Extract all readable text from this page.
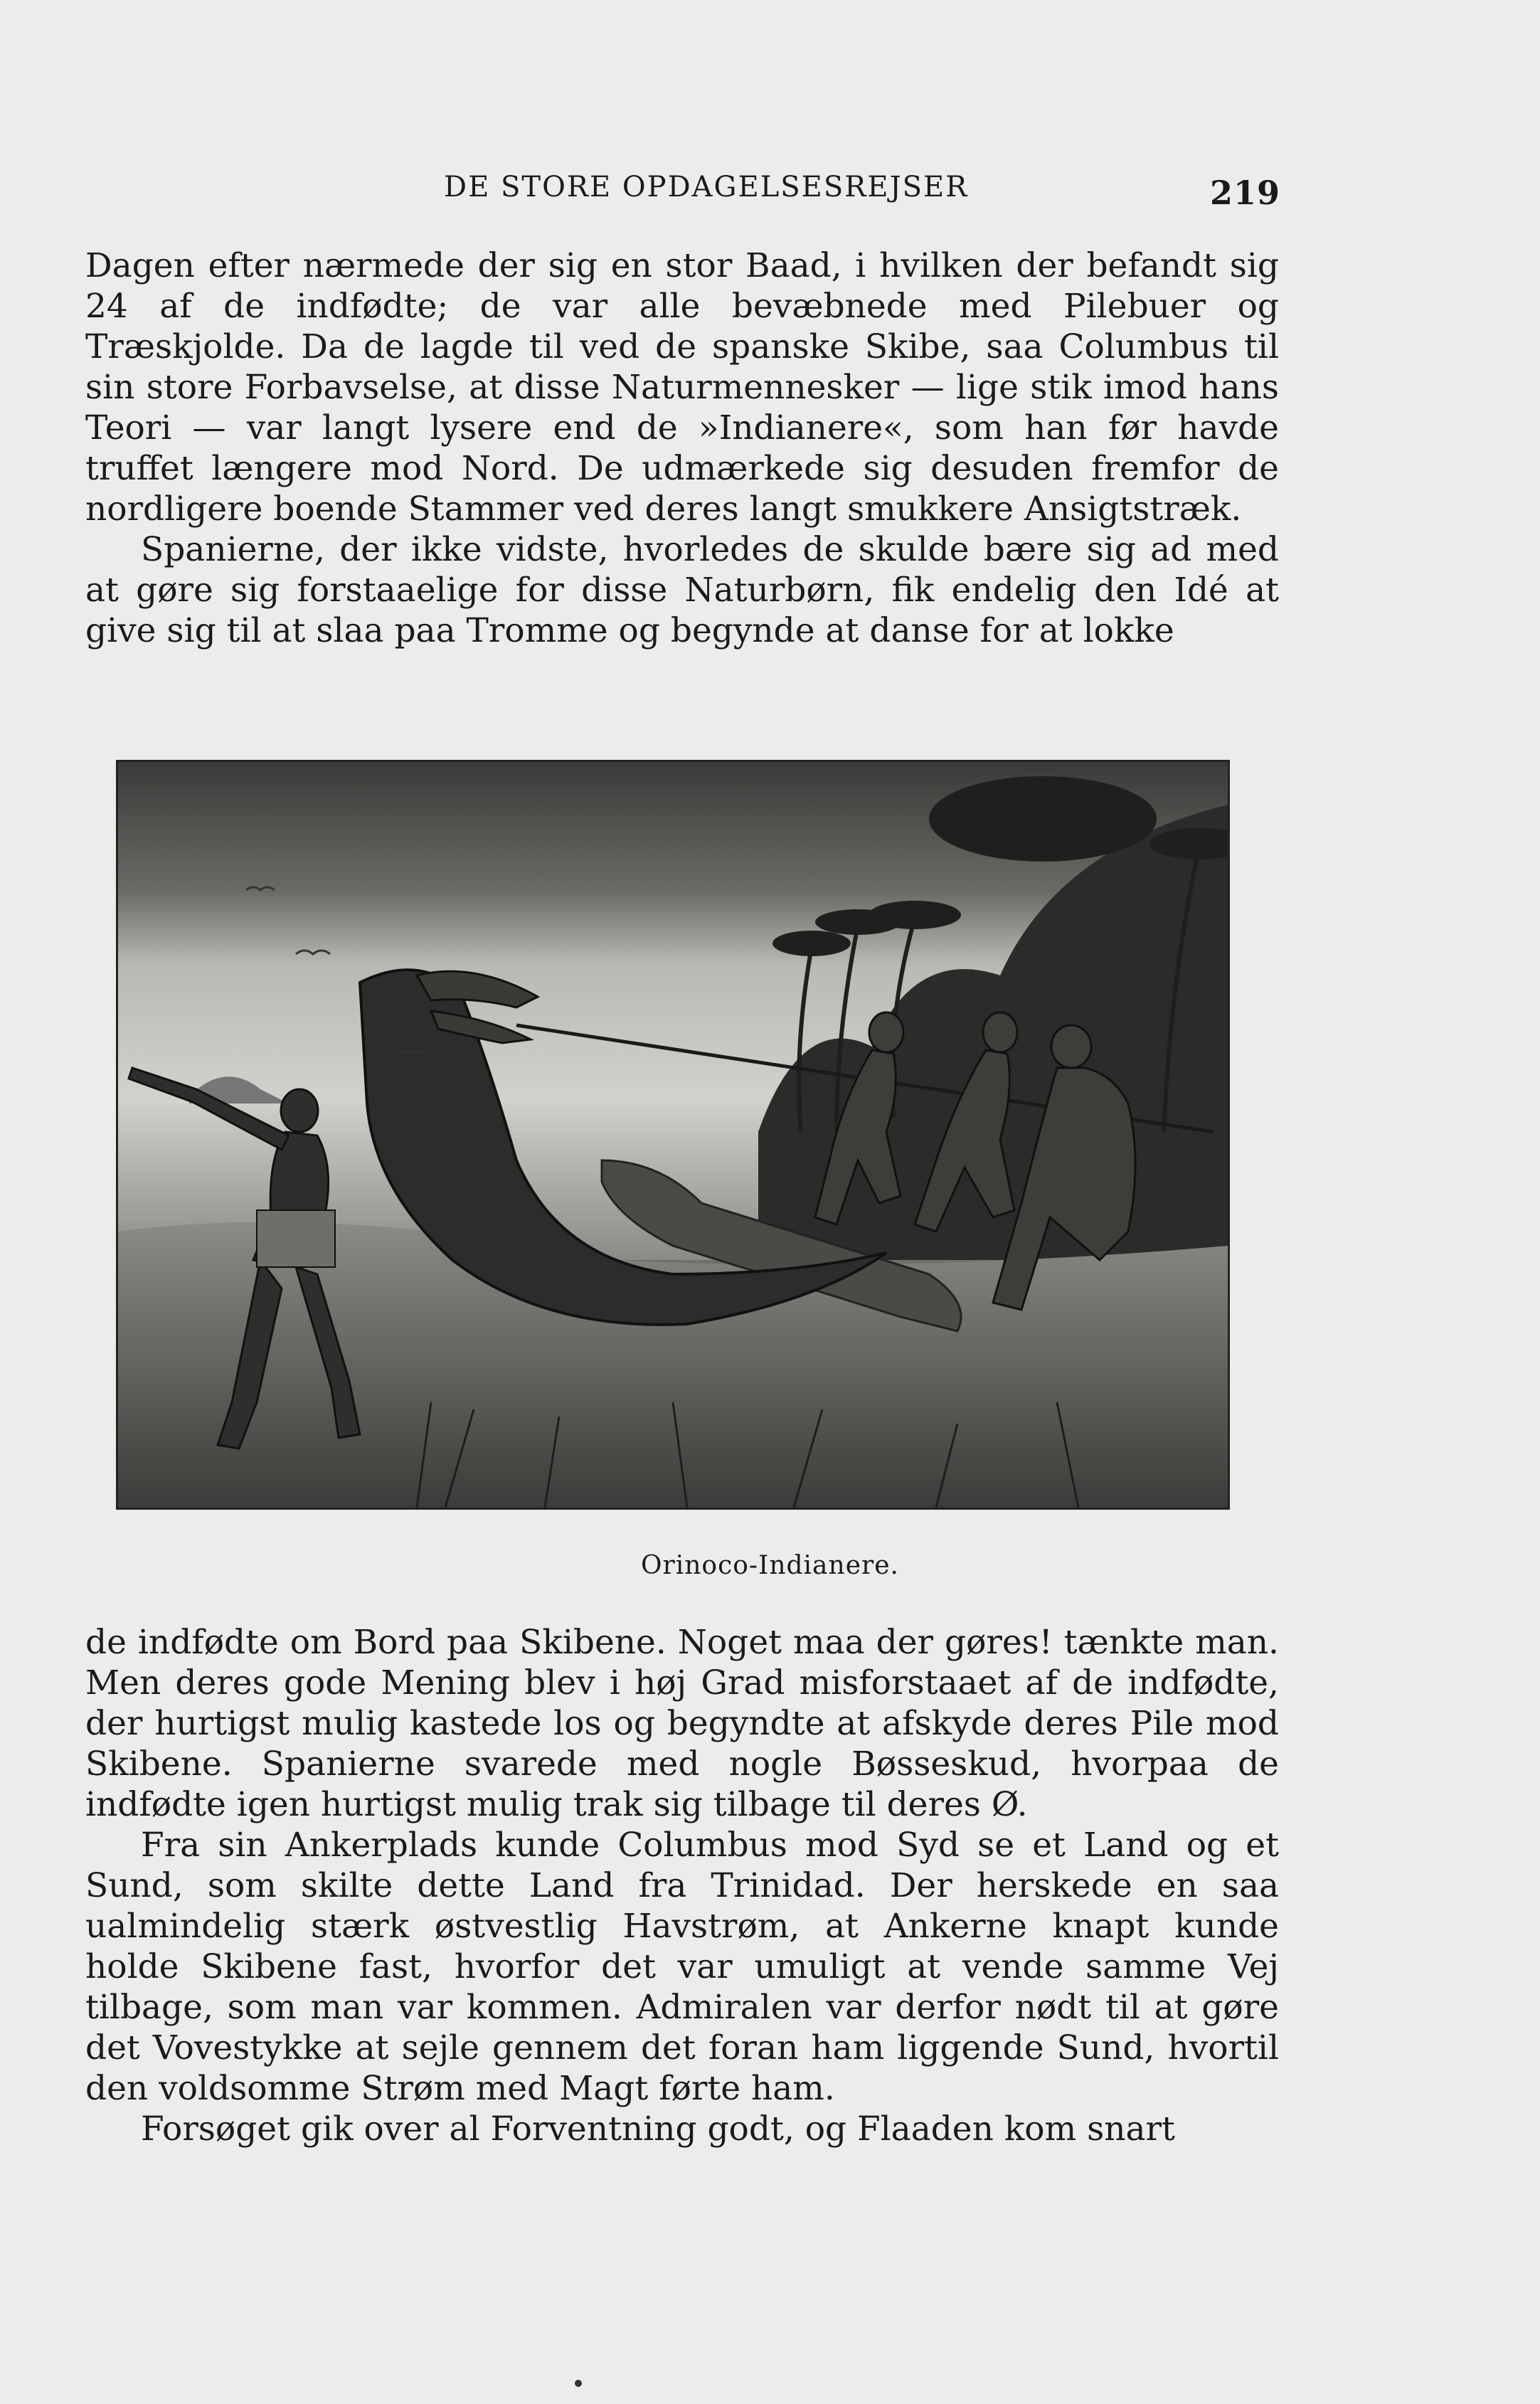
DE STORE OPDAGELSESREJSER	219

Dagen efter nærmede der sig en stor Baad, i hvilken der befandt sig 24 af de indfødte; de var alle bevæbnede med Pilebuer og Træskjolde. Da de lagde til ved de spanske Skibe, saa Columbus til sin store Forbavselse, at disse Naturmennesker — lige stik imod hans Teori — var langt lysere end de »Indianere«, som han før havde truffet længere mod Nord. De udmærkede sig desuden fremfor de nordligere boende Stammer ved deres langt smukkere Ansigtstræk.

Spanierne, der ikke vidste, hvorledes de skulde bære sig ad med at gøre sig forstaaelige for disse Naturbørn, fik endelig den Idé at give sig til at slaa paa Tromme og begynde at danse for at lokke

Orinoco-Indianere.

de indfødte om Bord paa Skibene. Noget maa der gøres! tænkte man. Men deres gode Mening blev i høj Grad misforstaaet af de indfødte, der hurtigst mulig kastede los og begyndte at afskyde deres Pile mod Skibene. Spanierne svarede med nogle Bøsseskud, hvorpaa de indfødte igen hurtigst mulig trak sig tilbage til deres Ø.

Fra sin Ankerplads kunde Columbus mod Syd se et Land og et Sund, som skilte dette Land fra Trinidad. Der herskede en saa ualmindelig stærk østvestlig Havstrøm, at Ankerne knapt kunde holde Skibene fast, hvorfor det var umuligt at vende samme Vej tilbage, som man var kommen. Admiralen var derfor nødt til at gøre det Vovestykke at sejle gennem det foran ham liggende Sund, hvortil den voldsomme Strøm med Magt førte ham.

Forsøget gik over al Forventning godt, og Flaaden kom snart
